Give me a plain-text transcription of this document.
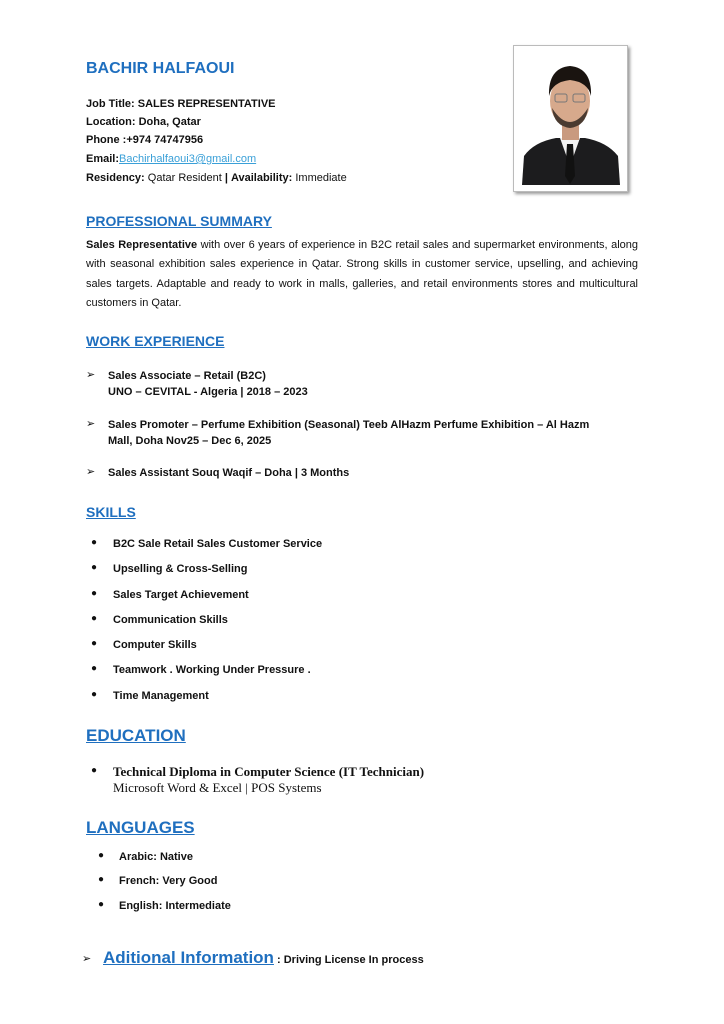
BACHIR HALFAOUI
Job Title: SALES REPRESENTATIVE
Location: Doha, Qatar
Phone :+974 74747956
Email:Bachirhalfaoui3@gmail.com
Residency: Qatar Resident | Availability: Immediate
PROFESSIONAL SUMMARY
Sales Representative with over 6 years of experience in B2C retail sales and supermarket environments, along with seasonal exhibition sales experience in Qatar. Strong skills in customer service, upselling, and achieving sales targets. Adaptable and ready to work in malls, galleries, and retail environments stores and multicultural customers in Qatar.
WORK EXPERIENCE
➢ Sales Associate – Retail (B2C)
UNO – CEVITAL - Algeria | 2018 – 2023
➢ Sales Promoter – Perfume Exhibition (Seasonal) Teeb AlHazm Perfume Exhibition – Al Hazm
Mall, Doha Nov25 – Dec 6, 2025
➢ Sales Assistant Souq Waqif – Doha | 3 Months
SKILLS
EDUCATION
● Technical Diploma in Computer Science (IT Technician)
Microsoft Word & Excel | POS Systems
LANGUAGES
➢ Aditional Information : Driving License In process
● B2C Sale Retail Sales Customer Service
● Upselling & Cross-Selling
● Sales Target Achievement
● Communication Skills
● Computer Skills
● Teamwork . Working Under Pressure .
● Time Management
● Arabic: Native
● French: Very Good
● English: Intermediate
